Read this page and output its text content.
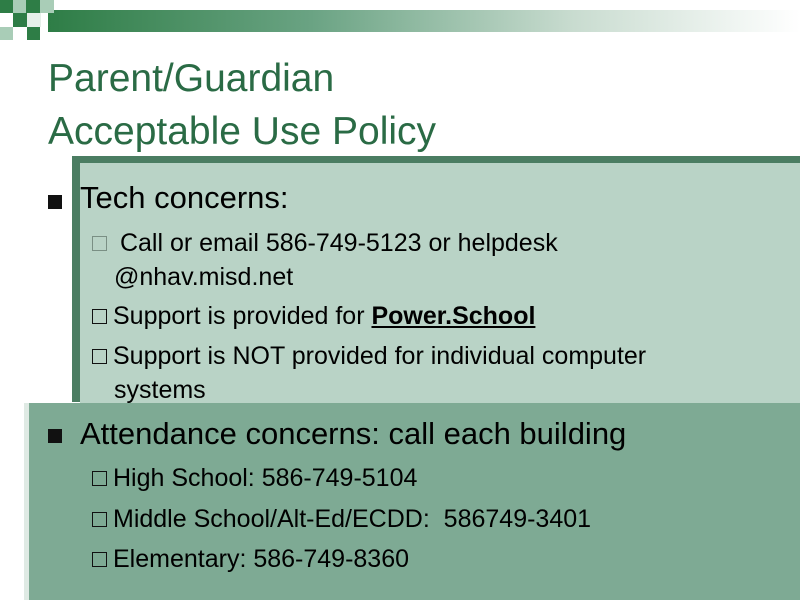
Parent/Guardian
Acceptable Use Policy
Tech concerns:
Call or email 586-749-5123 or helpdesk
@nhav.misd.net
Support is provided for Power.School
Support is NOT provided for individual computer
systems
Attendance concerns: call each building
High School: 586-749-5104
Middle School/Alt-Ed/ECDD:  586749-3401
Elementary: 586-749-8360
